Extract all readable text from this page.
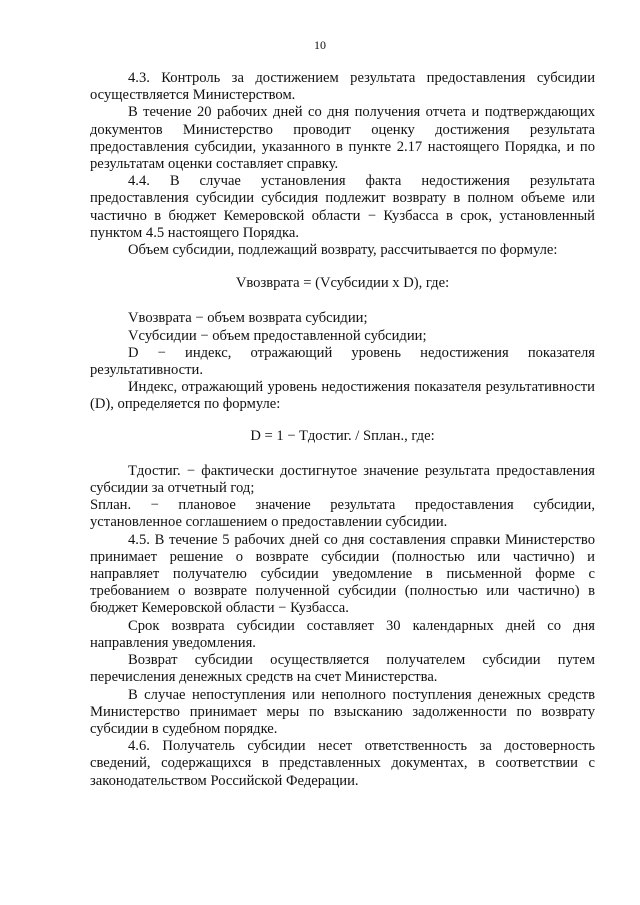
10

4.3. Контроль за достижением результата предоставления субсидии осуществляется Министерством.

В течение 20 рабочих дней со дня получения отчета и подтверждающих документов Министерство проводит оценку достижения результата предоставления субсидии, указанного в пункте 2.17 настоящего Порядка, и по результатам оценки составляет справку.

4.4. В случае установления факта недостижения результата предоставления субсидии субсидия подлежит возврату в полном объеме или частично в бюджет Кемеровской области − Кузбасса в срок, установленный пунктом 4.5 настоящего Порядка.

Объем субсидии, подлежащий возврату, рассчитывается по формуле:

Vвозврата = (Vсубсидии x D), где:

Vвозврата − объем возврата субсидии;

Vсубсидии − объем предоставленной субсидии;

D − индекс, отражающий уровень недостижения показателя результативности.

Индекс, отражающий уровень недостижения показателя результативности (D), определяется по формуле:

D = 1 − Tдостиг. / Sплан., где:

Tдостиг. − фактически достигнутое значение результата предоставления субсидии за отчетный год;

Sплан. − плановое значение результата предоставления субсидии, установленное соглашением о предоставлении субсидии.

4.5. В течение 5 рабочих дней со дня составления справки Министерство принимает решение о возврате субсидии (полностью или частично) и направляет получателю субсидии уведомление в письменной форме с требованием о возврате полученной субсидии (полностью или частично) в бюджет Кемеровской области − Кузбасса.

Срок возврата субсидии составляет 30 календарных дней со дня направления уведомления.

Возврат субсидии осуществляется получателем субсидии путем перечисления денежных средств на счет Министерства.

В случае непоступления или неполного поступления денежных средств Министерство принимает меры по взысканию задолженности по возврату субсидии в судебном порядке.

4.6. Получатель субсидии несет ответственность за достоверность сведений, содержащихся в представленных документах, в соответствии с законодательством Российской Федерации.
